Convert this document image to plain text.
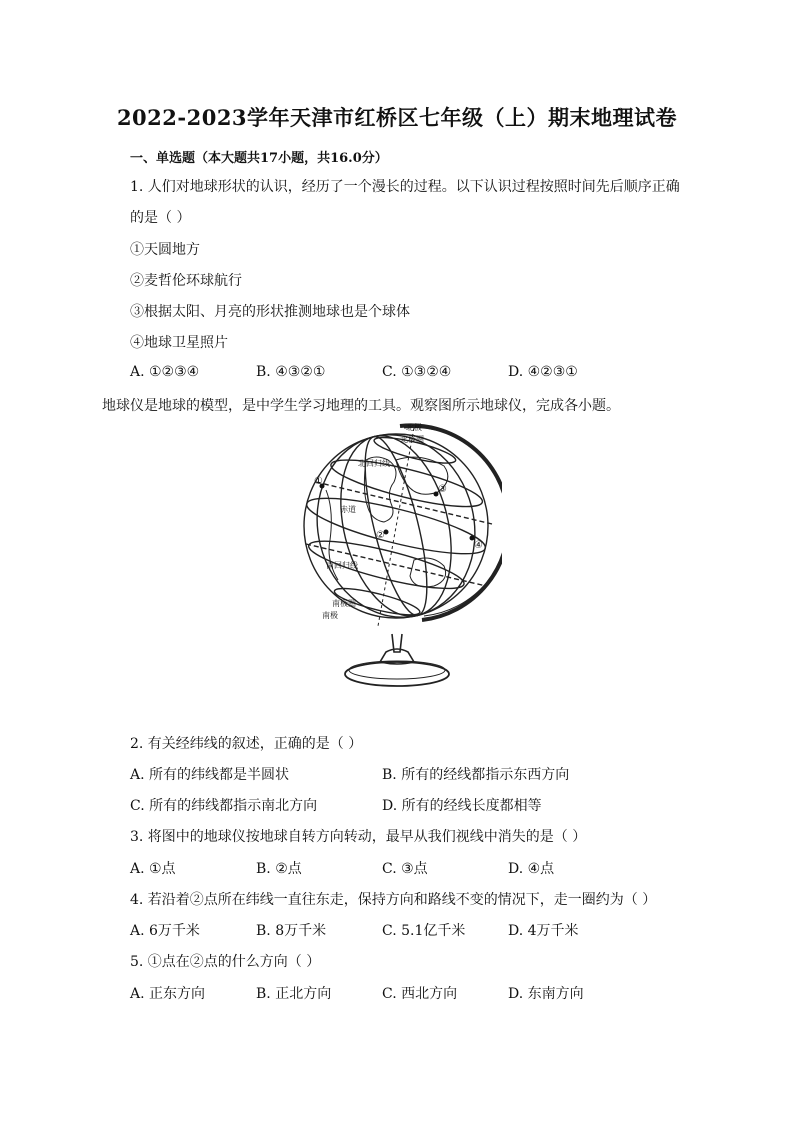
2022-2023学年天津市红桥区七年级（上）期末地理试卷
一、单选题（本大题共17小题，共16.0分）
1. 人们对地球形状的认识，经历了一个漫长的过程。以下认识过程按照时间先后顺序正确
的是（ ）
①天圆地方
②麦哲伦环球航行
③根据太阳、月亮的形状推测地球也是个球体
④地球卫星照片
A. ①②③④	B. ④③②①	C. ①③②④	D. ④②③①
地球仪是地球的模型，是中学生学习地理的工具。观察图所示地球仪，完成各小题。
北极
北极圈
北回归线
赤道
南回归线
南极圈
南极
①
②
③
④
2. 有关经纬线的叙述，正确的是（ ）
A. 所有的纬线都是半圆状	B. 所有的经线都指示东西方向
C. 所有的纬线都指示南北方向	D. 所有的经线长度都相等
3. 将图中的地球仪按地球自转方向转动，最早从我们视线中消失的是（ ）
A. ①点	B. ②点	C. ③点	D. ④点
4. 若沿着②点所在纬线一直往东走，保持方向和路线不变的情况下，走一圈约为（ ）
A. 6万千米	B. 8万千米	C. 5.1亿千米	D. 4万千米
5. ①点在②点的什么方向（ ）
A. 正东方向	B. 正北方向	C. 西北方向	D. 东南方向
